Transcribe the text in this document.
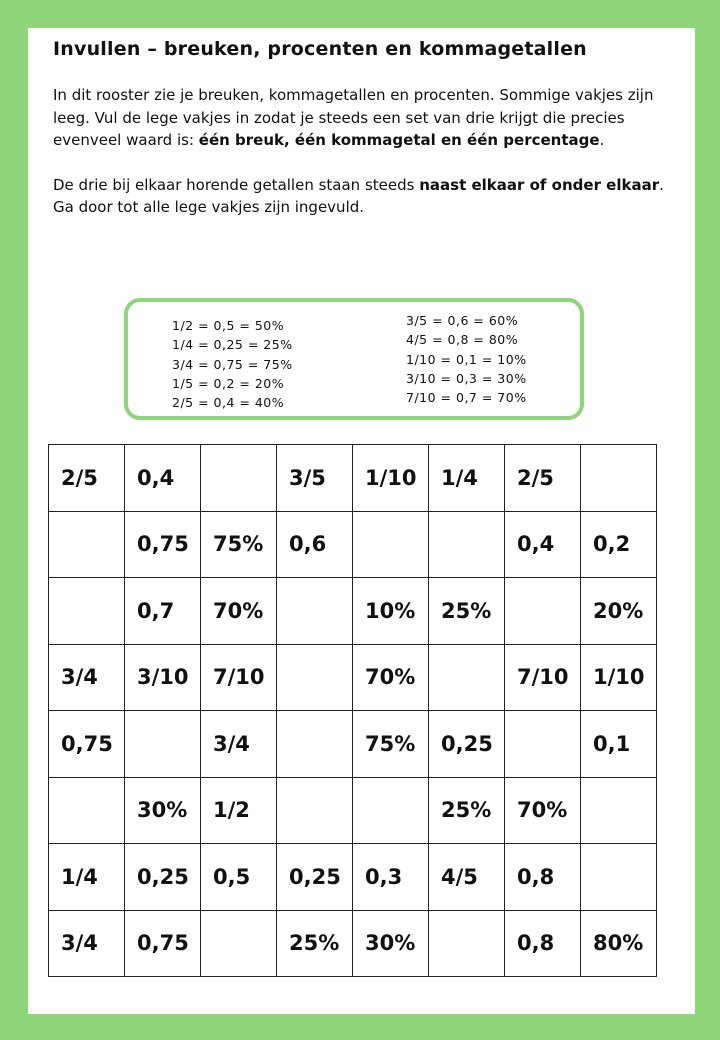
Invullen – breuken, procenten en kommagetallen

In dit rooster zie je breuken, kommagetallen en procenten. Sommige vakjes zijn leeg. Vul de lege vakjes in zodat je steeds een set van drie krijgt die precies evenveel waard is: één breuk, één kommagetal en één percentage.

De drie bij elkaar horende getallen staan steeds naast elkaar of onder elkaar. Ga door tot alle lege vakjes zijn ingevuld.

1/2 = 0,5 = 50%
1/4 = 0,25 = 25%
3/4 = 0,75 = 75%
1/5 = 0,2 = 20%
2/5 = 0,4 = 40%
3/5 = 0,6 = 60%
4/5 = 0,8 = 80%
1/10 = 0,1 = 10%
3/10 = 0,3 = 30%
7/10 = 0,7 = 70%
2/5	0,4		3/5	1/10	1/4	2/5	
	0,75	75%	0,6			0,4	0,2
	0,7	70%		10%	25%		20%
3/4	3/10	7/10		70%		7/10	1/10
0,75		3/4		75%	0,25		0,1
	30%	1/2			25%	70%	
1/4	0,25	0,5	0,25	0,3	4/5	0,8	
3/4	0,75		25%	30%		0,8	80%
Klasklaar.nl
